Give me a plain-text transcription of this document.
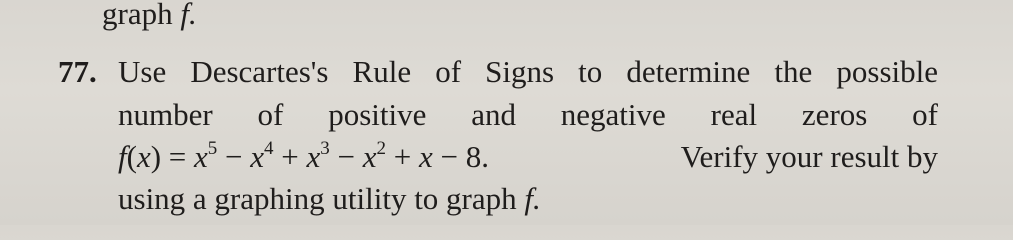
graph f.
77. Use Descartes's Rule of Signs to determine the possible
number of positive and negative real zeros of
$f(x) = x^5 - x^4 + x^3 - x^2 + x - 8$.	Verify your result by
using a graphing utility to graph f.
